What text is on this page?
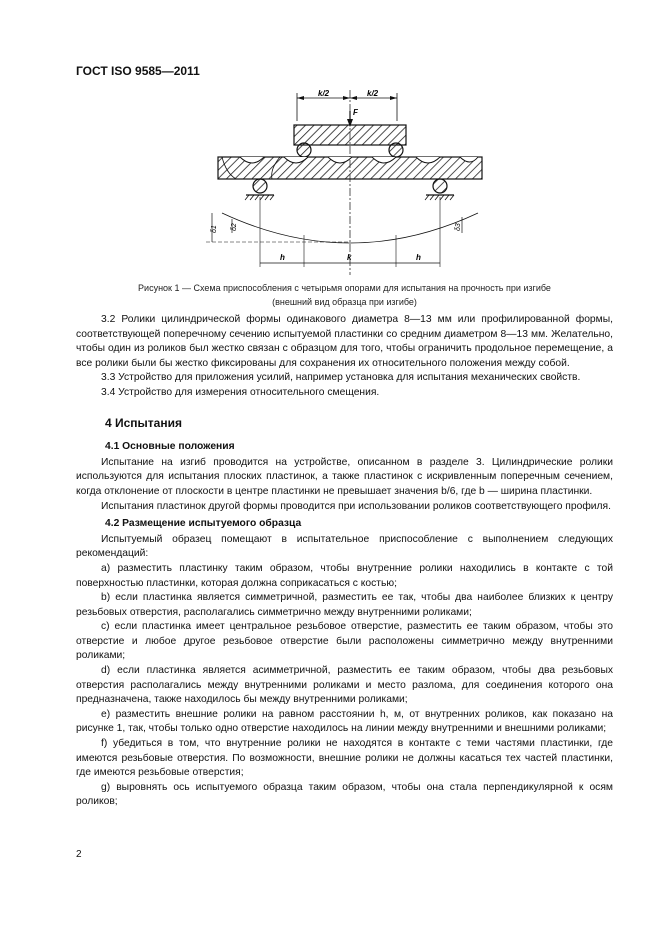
ГОСТ ISO 9585—2011
k/2	k/2
F
δ1 δ2	δ3
h	k	h
Рисунок 1 — Схема приспособления с четырьмя опорами для испытания на прочность при изгибе
(внешний вид образца при изгибе)

3.2 Ролики цилиндрической формы одинакового диаметра 8—13 мм или профилированной формы, соответствующей поперечному сечению испытуемой пластинки со средним диаметром 8—13 мм. Желательно, чтобы один из роликов был жестко связан с образцом для того, чтобы ограничить продольное перемещение, а все ролики были бы жестко фиксированы для сохранения их относительного положения между собой.

3.3 Устройство для приложения усилий, например установка для испытания механических свойств.

3.4 Устройство для измерения относительного смещения.

4 Испытания
4.1 Основные положения

Испытание на изгиб проводится на устройстве, описанном в разделе 3. Цилиндрические ролики используются для испытания плоских пластинок, а также пластинок с искривленным поперечным сечением, когда отклонение от плоскости в центре пластинки не превышает значения b/6, где b — ширина пластинки.

Испытания пластинок другой формы проводится при использовании роликов соответствующего профиля.

4.2 Размещение испытуемого образца

Испытуемый образец помещают в испытательное приспособление с выполнением следующих рекомендаций:

а) разместить пластинку таким образом, чтобы внутренние ролики находились в контакте с той поверхностью пластинки, которая должна соприкасаться с костью;

b) если пластинка является симметричной, разместить ее так, чтобы два наиболее близких к центру резьбовых отверстия, располагались симметрично между внутренними роликами;

с) если пластинка имеет центральное резьбовое отверстие, разместить ее таким образом, чтобы это отверстие и любое другое резьбовое отверстие были расположены симметрично между внутренними роликами;

d) если пластинка является асимметричной, разместить ее таким образом, чтобы два резьбовых отверстия располагались между внутренними роликами и место разлома, для соединения которого она предназначена, также находилось бы между внутренними роликами;

е) разместить внешние ролики на равном расстоянии h, м, от внутренних роликов, как показано на рисунке 1, так, чтобы только одно отверстие находилось на линии между внутренними и внешними роликами;

f) убедиться в том, что внутренние ролики не находятся в контакте с теми частями пластинки, где имеются резьбовые отверстия. По возможности, внешние ролики не должны касаться тех частей пластинки, где имеются резьбовые отверстия;

g) выровнять ось испытуемого образца таким образом, чтобы она стала перпендикулярной к осям роликов;

2
